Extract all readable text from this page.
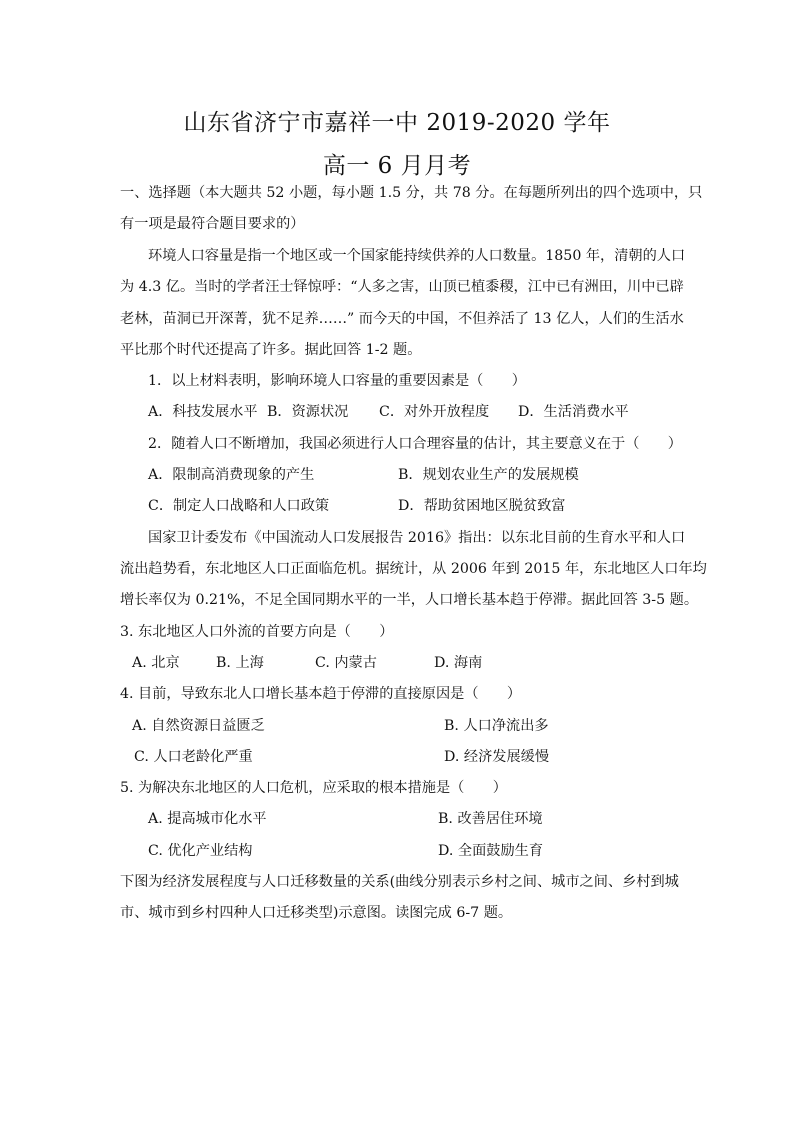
山东省济宁市嘉祥一中 2019-2020 学年
高一 6 月月考
一、选择题（本大题共 52 小题，每小题 1.5 分，共 78 分。在每题所列出的四个选项中，只
有一项是最符合题目要求的）
环境人口容量是指一个地区或一个国家能持续供养的人口数量。1850 年，清朝的人口
为 4.3 亿。当时的学者汪士铎惊呼：“人多之害，山顶已植黍稷，江中已有洲田，川中已辟
老林，苗洞已开深菁，犹不足养……” 而今天的中国，不但养活了 13 亿人，人们的生活水
平比那个时代还提高了许多。据此回答 1-2 题。
1．以上材料表明，影响环境人口容量的重要因素是（　　）
A．科技发展水平 B．资源状况 C．对外开放程度 D．生活消费水平
2．随着人口不断增加，我国必须进行人口合理容量的估计，其主要意义在于（　　）
A．限制高消费现象的产生	B．规划农业生产的发展规模
C．制定人口战略和人口政策	D．帮助贫困地区脱贫致富
国家卫计委发布《中国流动人口发展报告 2016》指出：以东北目前的生育水平和人口
流出趋势看，东北地区人口正面临危机。据统计，从 2006 年到 2015 年，东北地区人口年均
增长率仅为 0.21%，不足全国同期水平的一半，人口增长基本趋于停滞。据此回答 3-5 题。
3. 东北地区人口外流的首要方向是（　　）
A. 北京	B. 上海	C. 内蒙古	D. 海南
4. 目前，导致东北人口增长基本趋于停滞的直接原因是（　　）
A. 自然资源日益匮乏	B. 人口净流出多
C. 人口老龄化严重	D. 经济发展缓慢
5. 为解决东北地区的人口危机，应采取的根本措施是（　　）
A. 提高城市化水平	B. 改善居住环境
C. 优化产业结构	D. 全面鼓励生育
下图为经济发展程度与人口迁移数量的关系(曲线分别表示乡村之间、城市之间、乡村到城
市、城市到乡村四种人口迁移类型)示意图。读图完成 6-7 题。
